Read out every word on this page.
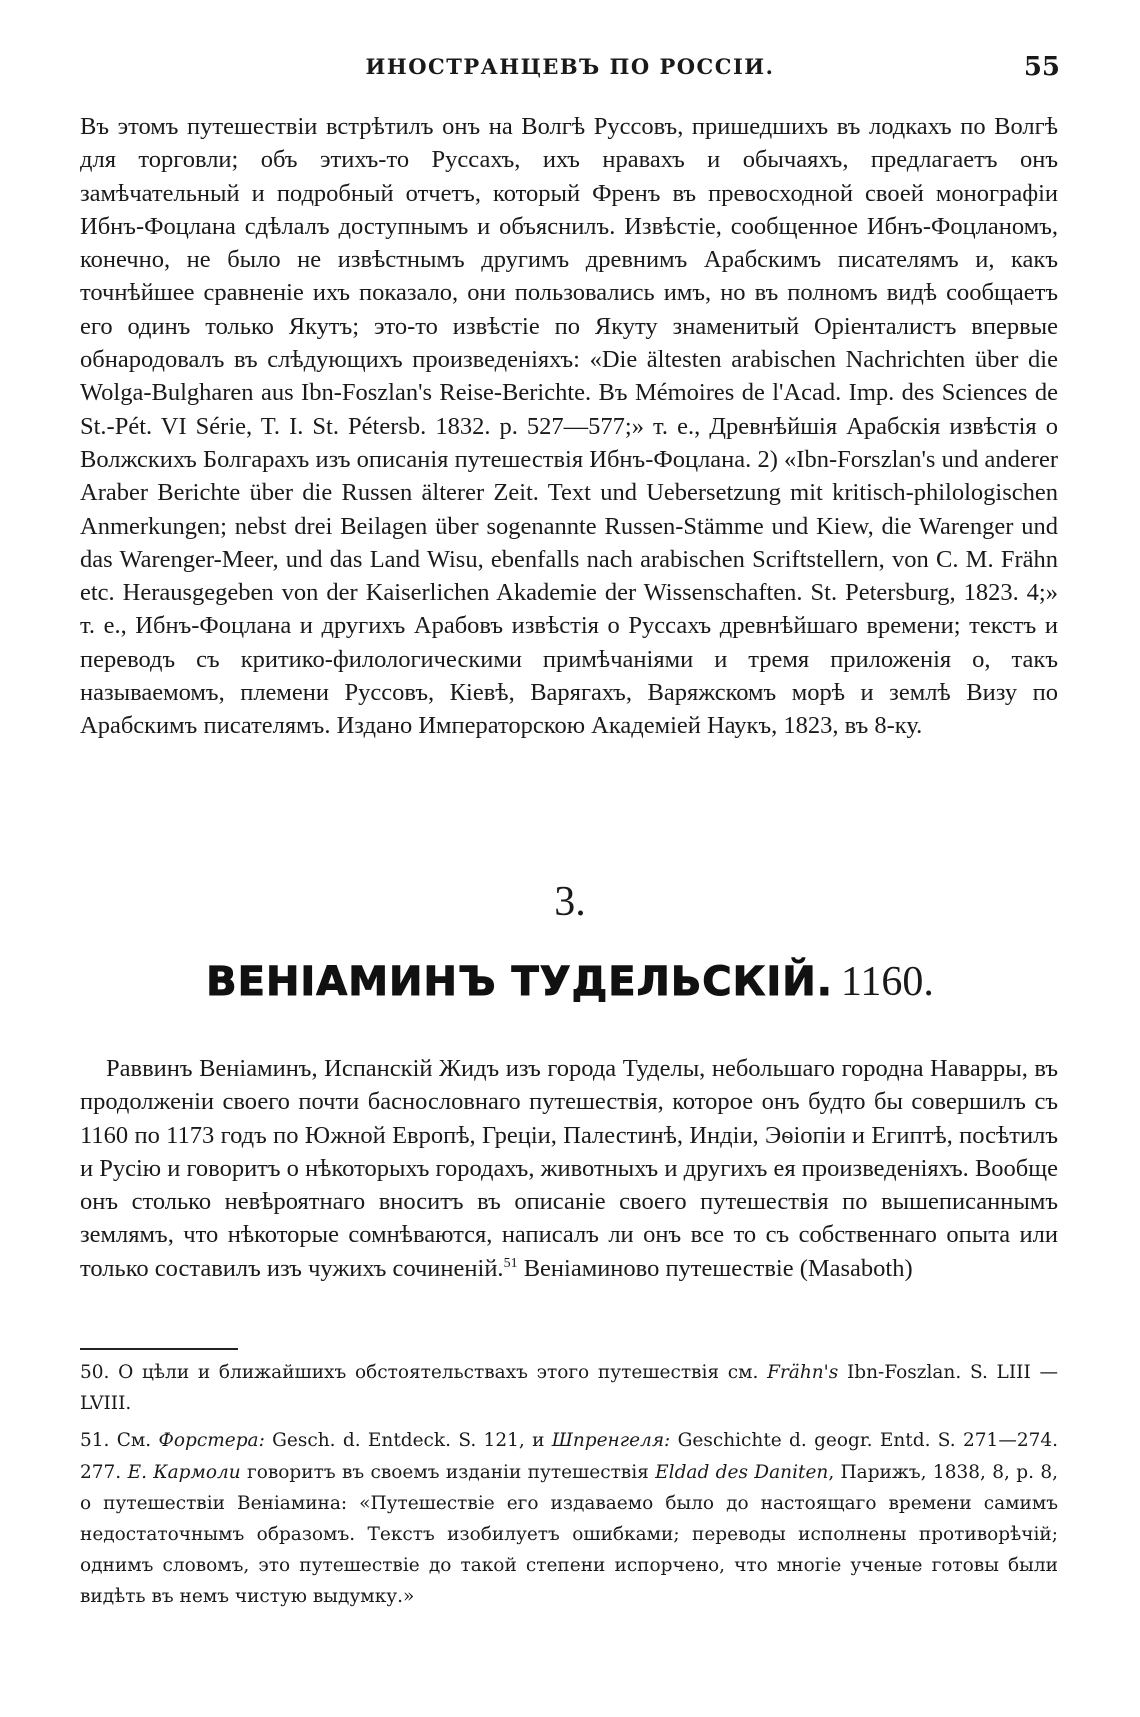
ИНОСТРАНЦЕВЪ ПО РОССІИ.	55

Въ этомъ путешествіи встрѣтилъ онъ на Волгѣ Руссовъ, пришедшихъ въ лодкахъ по Волгѣ для торговли; объ этихъ-то Руссахъ, ихъ нравахъ и обычаяхъ, предлагаетъ онъ замѣчательный и подробный отчетъ, который Френъ въ превосходной своей монографіи Ибнъ-Фоцлана сдѣлалъ доступнымъ и объяснилъ. Извѣстіе, сообщенное Ибнъ-Фоцланомъ, конечно, не было не извѣстнымъ другимъ древнимъ Арабскимъ писателямъ и, какъ точнѣйшее сравненіе ихъ показало, они пользовались имъ, но въ полномъ видѣ сообщаетъ его одинъ только Якутъ; это-то извѣстіе по Якуту знаменитый Оріенталистъ впервые обнародовалъ въ слѣдующихъ произведеніяхъ: «Die ältesten arabischen Nachrichten über die Wolga-Bulgharen aus Ibn-Foszlan's Reise-Berichte. Въ Mémoires de l'Acad. Imp. des Sciences de St.-Pét. VI Série, T. I. St. Pétersb. 1832. p. 527—577;» т. е., Древнѣйшія Арабскія извѣстія о Волжскихъ Болгарахъ изъ описанія путешествія Ибнъ-Фоцлана. 2) «Ibn-Forszlan's und anderer Araber Berichte über die Russen älterer Zeit. Text und Uebersetzung mit kritisch-philologischen Anmerkungen; nebst drei Beilagen über sogenannte Russen-Stämme und Kiew, die Warenger und das Warenger-Meer, und das Land Wisu, ebenfalls nach arabischen Scriftstellern, von C. M. Frähn etc. Herausgegeben von der Kaiserlichen Akademie der Wissenschaften. St. Petersburg, 1823. 4;» т. е., Ибнъ-Фоцлана и другихъ Арабовъ извѣстія о Руссахъ древнѣйшаго времени; текстъ и переводъ съ критико-филологическими примѣчаніями и тремя приложенія о, такъ называемомъ, племени Руссовъ, Кіевѣ, Варягахъ, Варяжскомъ морѣ и землѣ Визу по Арабскимъ писателямъ. Издано Императорскою Академіей Наукъ, 1823, въ 8-ку.

3.
ВЕНІАМИНЪ ТУДЕЛЬСКІЙ. 1160.

Раввинъ Веніаминъ, Испанскій Жидъ изъ города Туделы, небольшаго городна Наварры, въ продолженіи своего почти баснословнаго путешествія, которое онъ будто бы совершилъ съ 1160 по 1173 годъ по Южной Европѣ, Греціи, Палестинѣ, Индіи, Эѳіопіи и Египтѣ, посѣтилъ и Русію и говоритъ о нѣкоторыхъ городахъ, животныхъ и другихъ ея произведеніяхъ. Вообще онъ столько невѣроятнаго вноситъ въ описаніе своего путешествія по вышеписаннымъ землямъ, что нѣкоторые сомнѣваются, написалъ ли онъ все то съ собственнаго опыта или только составилъ изъ чужихъ сочиненій.$^{51}$ Веніаминово путешествіе (Masaboth)

50. О цѣли и ближайшихъ обстоятельствахъ этого путешествія см. Frähn's Ibn-Foszlan. S. LIII — LVIII.

51. См. Форстера: Gesch. d. Entdeck. S. 121, и Шпренгеля: Geschichte d. geogr. Entd. S. 271—274. 277. E. Кармоли говоритъ въ своемъ изданіи путешествія Eldad des Daniten, Парижъ, 1838, 8, p. 8, о путешествіи Веніамина: «Путешествіе его издаваемо было до настоящаго времени самимъ недостаточнымъ образомъ. Текстъ изобилуетъ ошибками; переводы исполнены противорѣчій; однимъ словомъ, это путешествіе до такой степени испорчено, что многіе ученые готовы были видѣть въ немъ чистую выдумку.»
